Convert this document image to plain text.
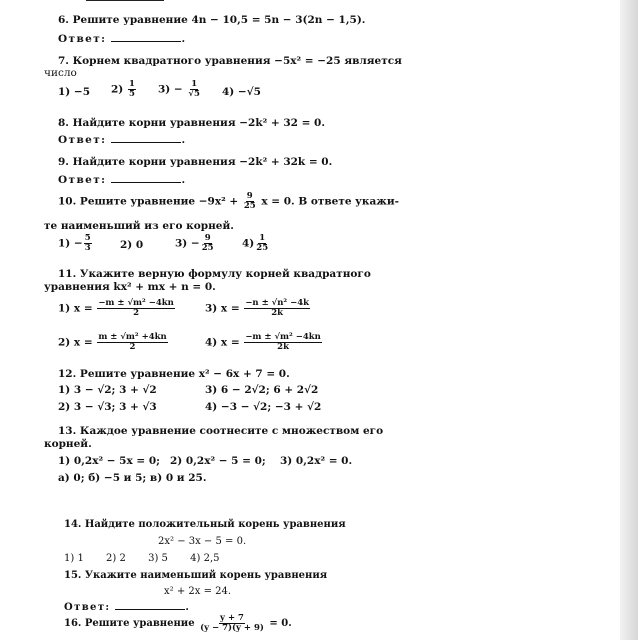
6. Решите уравнение 4n − 10,5 = 5n − 3(2n − 1,5).
Ответ:	.
7. Корнем квадратного уравнения −5x² = −25 является
число
1) −5 $2) \frac{1}{5} 3) - \frac{1}{√5} 4) -√5$
8. Найдите корни уравнения −2k² + 32 = 0.
Ответ:	.
9. Найдите корни уравнения −2k² + 32k = 0.
Ответ:	.
10. Решите уравнение $-9x^2 + \frac{9}{25}$ x = 0. В ответе укажи-
те наименьший из его корней.
$1) - \frac{5}{3}$	2) 0	$3) - \frac{9}{25}$	$4) \frac{1}{25}$
11. Укажите верную формулу корней квадратного
уравнения kx² + mx + n = 0.
1) $x = \frac{\text{−m ± √m² −4kn}}{2}$	3) $x = \frac{\text{−n ± √n² −4k}}{2k}$
2) $x = \frac{\text{m ± √m² +4kn}}{2}$	4) $x = \frac{\text{−m ± √m² −4kn}}{2k}$
12. Решите уравнение x² − 6x + 7 = 0.
1) 3 − √2; 3 + √2	3) 6 − 2√2; 6 + 2√2
2) 3 − √3; 3 + √3	4) −3 − √2; −3 + √2
13. Каждое уравнение соотнесите с множеством его
корней.
1) 0,2x² − 5x = 0; 2) 0,2x² − 5 = 0; 3) 0,2x² = 0.
а) 0; б) −5 и 5; в) 0 и 25.
14. Найдите положительный корень уравнения
2x² − 3x − 5 = 0.
1) 1       2) 2       3) 5       4) 2,5
15. Укажите наименьший корень уравнения
x² + 2x = 24.
Ответ:	.
16. Решите уравнение $\frac{y + 7}{(y - 7)(y + 9)} = 0$.
